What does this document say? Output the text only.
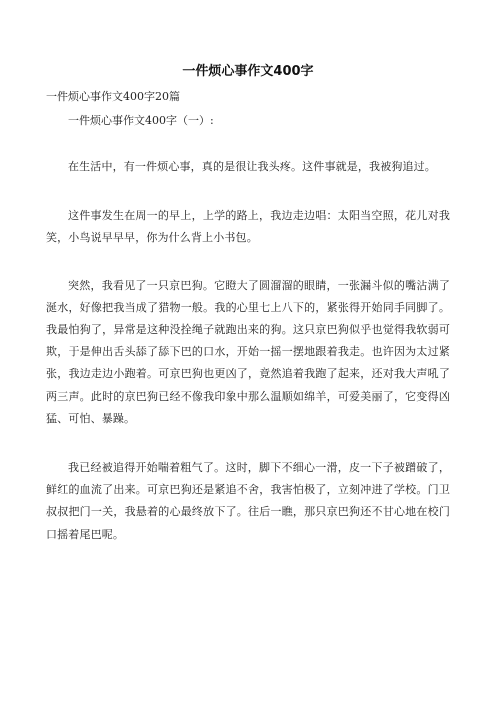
一件烦心事作文400字

一件烦心事作文400字20篇

一件烦心事作文400字（一）:

在生活中，有一件烦心事，真的是很让我头疼。这件事就是，我被狗追过。

这件事发生在周一的早上，上学的路上，我边走边唱：太阳当空照，花儿对我笑，小鸟说早早早，你为什么背上小书包。

突然，我看见了一只京巴狗。它瞪大了圆溜溜的眼睛，一张漏斗似的嘴沾满了涎水，好像把我当成了猎物一般。我的心里七上八下的，紧张得开始同手同脚了。我最怕狗了，异常是这种没拴绳子就跑出来的狗。这只京巴狗似乎也觉得我软弱可欺，于是伸出舌头舔了舔下巴的口水，开始一摇一摆地跟着我走。也许因为太过紧张，我边走边小跑着。可京巴狗也更凶了，竟然追着我跑了起来，还对我大声吼了两三声。此时的京巴狗已经不像我印象中那么温顺如绵羊，可爱美丽了，它变得凶猛、可怕、暴躁。

我已经被追得开始喘着粗气了。这时，脚下不细心一滑，皮一下子被蹭破了，鲜红的血流了出来。可京巴狗还是紧追不舍，我害怕极了，立刻冲进了学校。门卫叔叔把门一关，我悬着的心最终放下了。往后一瞧，那只京巴狗还不甘心地在校门口摇着尾巴呢。
